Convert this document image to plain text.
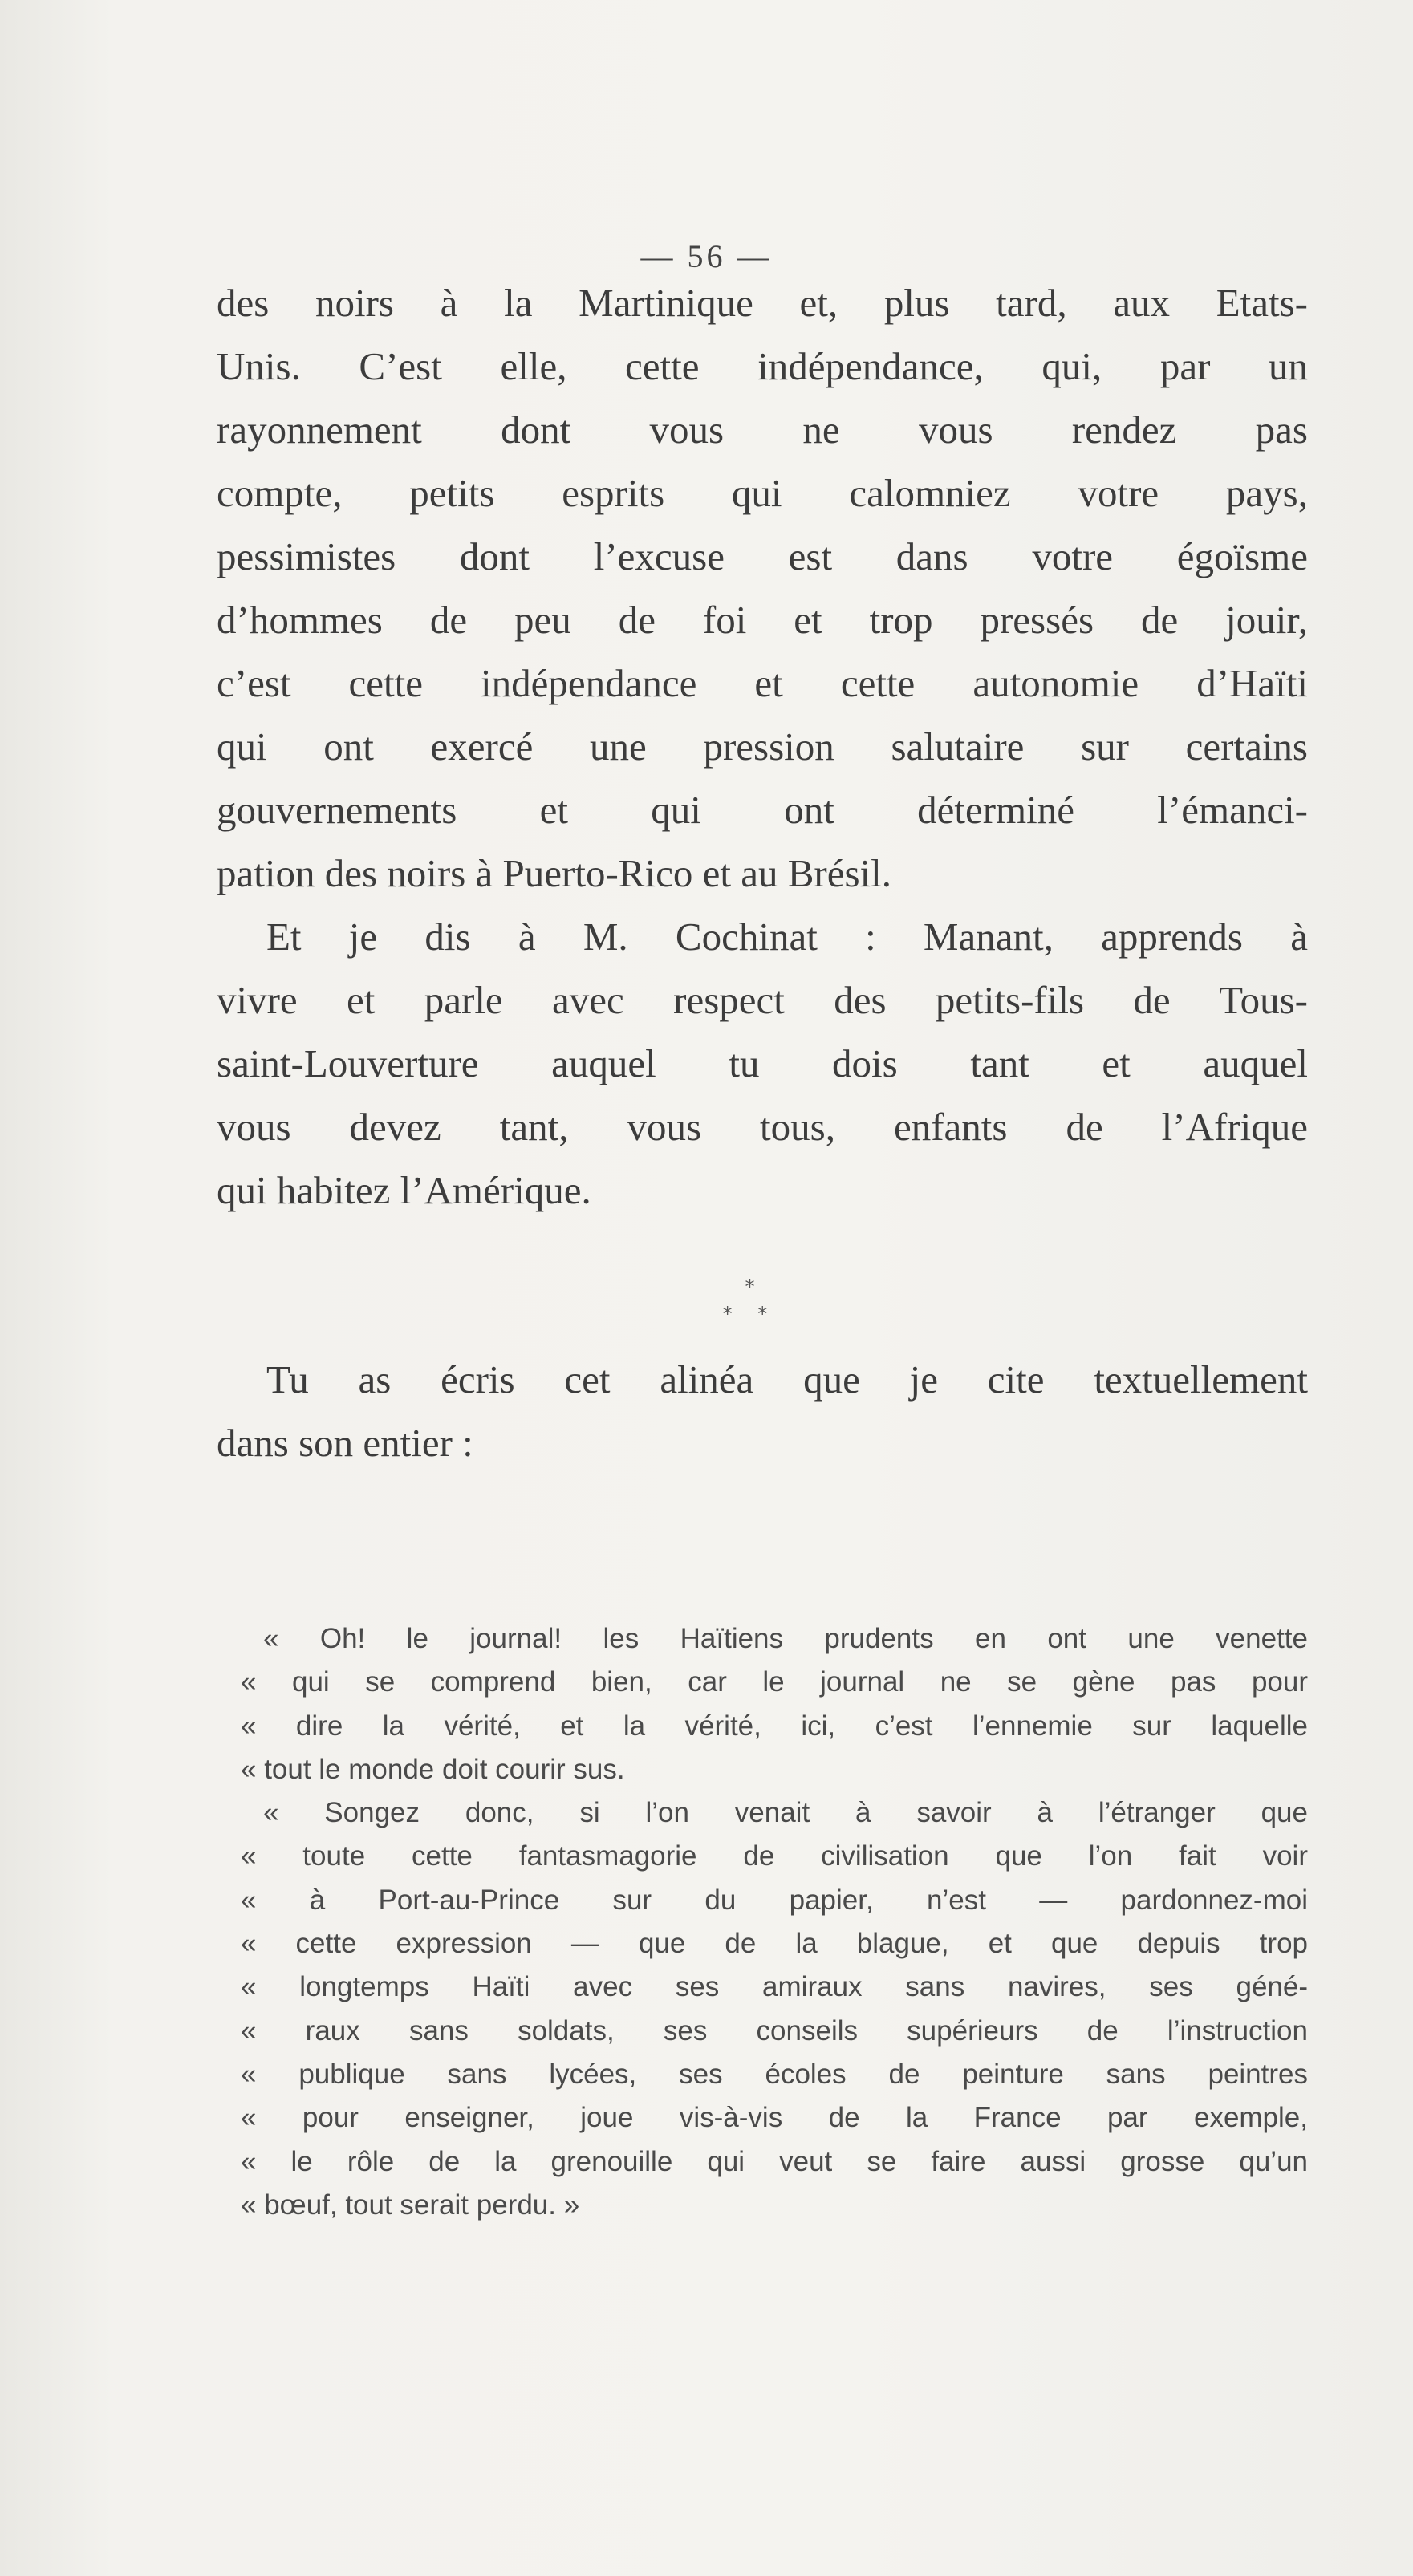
— 56 —
des noirs à la Martinique et, plus tard, aux Etats-
Unis. C’est elle, cette indépendance, qui, par un
rayonnement dont vous ne vous rendez pas
compte, petits esprits qui calomniez votre pays,
pessimistes dont l’excuse est dans votre égoïsme
d’hommes de peu de foi et trop pressés de jouir,
c’est cette indépendance et cette autonomie d’Haïti
qui ont exercé une pression salutaire sur certains
gouvernements et qui ont déterminé l’émanci-
pation des noirs à Puerto-Rico et au Brésil.
Et je dis à M. Cochinat : Manant, apprends à
vivre et parle avec respect des petits-fils de Tous-
saint-Louverture auquel tu dois tant et auquel
vous devez tant, vous tous, enfants de l’Afrique
qui habitez l’Amérique.
*
* *
Tu as écris cet alinéa que je cite textuellement
dans son entier :
« Oh! le journal! les Haïtiens prudents en ont une venette
« qui se comprend bien, car le journal ne se gène pas pour
« dire la vérité, et la vérité, ici, c’est l’ennemie sur laquelle
« tout le monde doit courir sus.
« Songez donc, si l’on venait à savoir à l’étranger que
« toute cette fantasmagorie de civilisation que l’on fait voir
« à Port-au-Prince sur du papier, n’est — pardonnez-moi
« cette expression — que de la blague, et que depuis trop
« longtemps Haïti avec ses amiraux sans navires, ses géné-
« raux sans soldats, ses conseils supérieurs de l’instruction
« publique sans lycées, ses écoles de peinture sans peintres
« pour enseigner, joue vis-à-vis de la France par exemple,
« le rôle de la grenouille qui veut se faire aussi grosse qu’un
« bœuf, tout serait perdu. »
